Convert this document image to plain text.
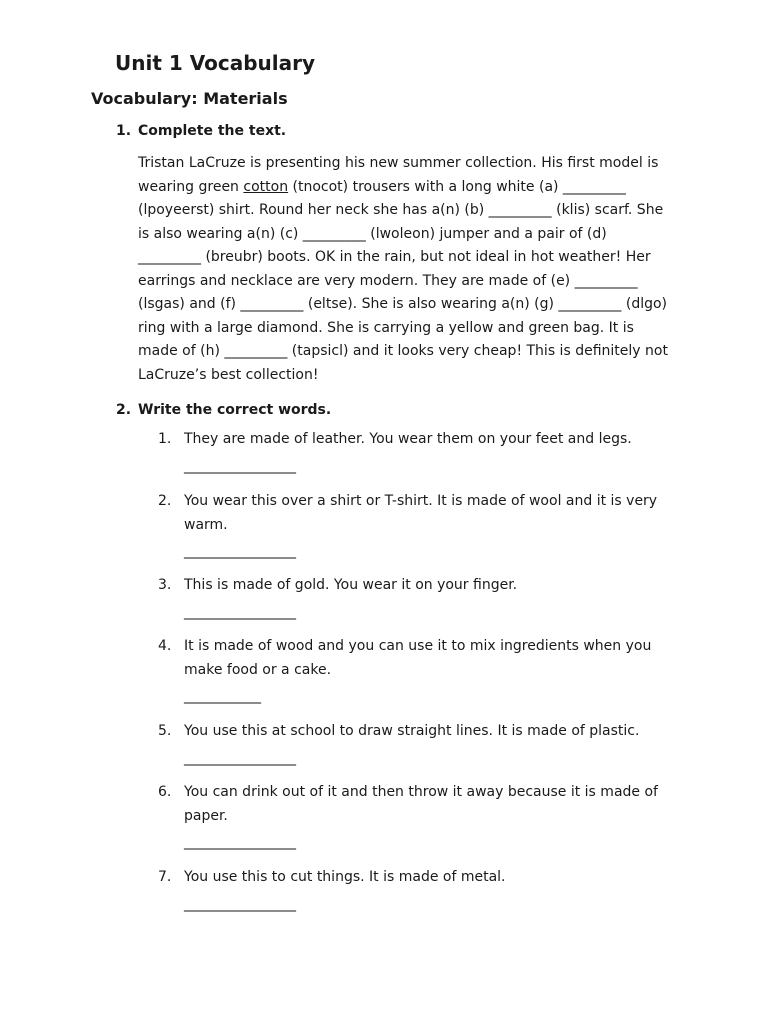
Unit 1 Vocabulary
Vocabulary: Materials
1. Complete the text.
Tristan LaCruze is presenting his new summer collection. His first model is wearing green cotton (tnocot) trousers with a long white (a) _________ (lpoyeerst) shirt. Round her neck she has a(n) (b) _________ (klis) scarf. She is also wearing a(n) (c) _________ (lwoleon) jumper and a pair of (d) _________ (breubr) boots. OK in the rain, but not ideal in hot weather! Her earrings and necklace are very modern. They are made of (e) _________ (lsgas) and (f) _________ (eltse). She is also wearing a(n) (g) _________ (dlgo) ring with a large diamond. She is carrying a yellow and green bag. It is made of (h) _________ (tapsicl) and it looks very cheap! This is definitely not LaCruze’s best collection!
2. Write the correct words.
1. They are made of leather. You wear them on your feet and legs.
________________
2. You wear this over a shirt or T-shirt. It is made of wool and it is very warm.
________________
3. This is made of gold. You wear it on your finger.
________________
4. It is made of wood and you can use it to mix ingredients when you make food or a cake.
___________
5. You use this at school to draw straight lines. It is made of plastic.
________________
6. You can drink out of it and then throw it away because it is made of paper.
________________
7. You use this to cut things. It is made of metal.
________________
